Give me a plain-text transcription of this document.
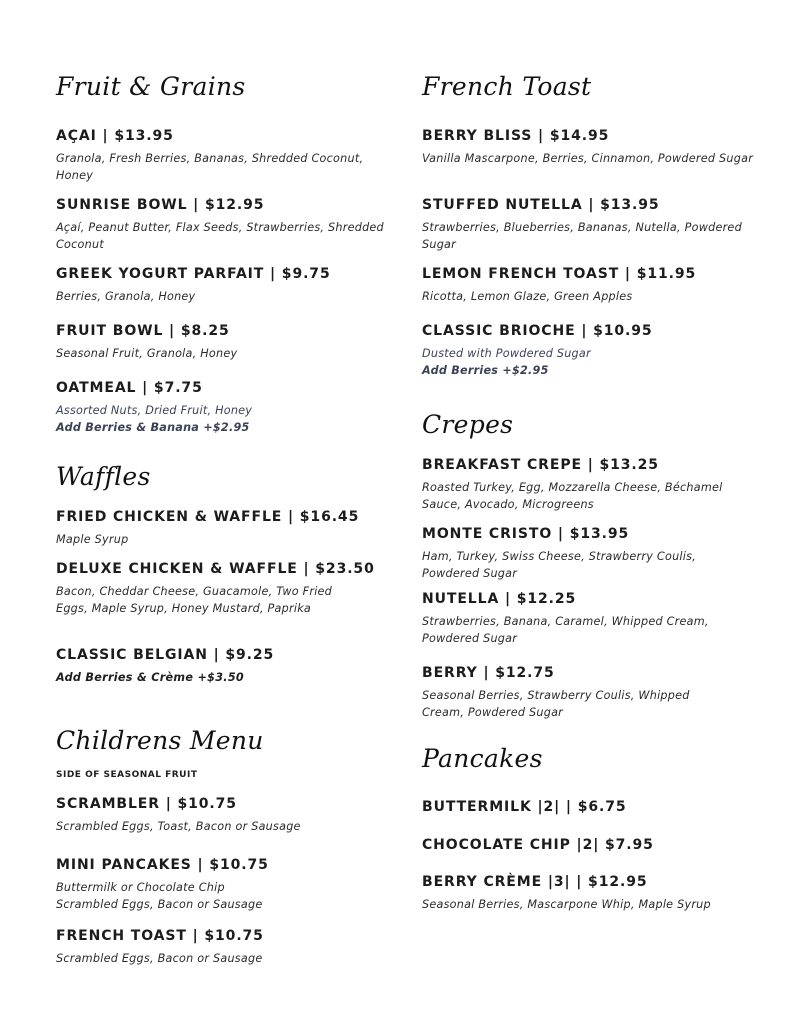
Fruit & Grains
AÇAI | $13.95
Granola, Fresh Berries, Bananas, Shredded Coconut, Honey
SUNRISE BOWL | $12.95
Açaí, Peanut Butter, Flax Seeds, Strawberries, Shredded Coconut
GREEK YOGURT PARFAIT | $9.75
Berries, Granola, Honey
FRUIT BOWL | $8.25
Seasonal Fruit, Granola, Honey
OATMEAL | $7.75
Assorted Nuts, Dried Fruit, Honey
Add Berries & Banana +$2.95
Waffles
FRIED CHICKEN & WAFFLE | $16.45
Maple Syrup
DELUXE CHICKEN & WAFFLE | $23.50
Bacon, Cheddar Cheese, Guacamole, Two Fried Eggs, Maple Syrup, Honey Mustard, Paprika
CLASSIC BELGIAN | $9.25
Add Berries & Crème +$3.50
Childrens Menu
SIDE OF SEASONAL FRUIT
SCRAMBLER | $10.75
Scrambled Eggs, Toast, Bacon or Sausage
MINI PANCAKES | $10.75
Buttermilk or Chocolate Chip
Scrambled Eggs, Bacon or Sausage
FRENCH TOAST | $10.75
Scrambled Eggs, Bacon or Sausage
French Toast
BERRY BLISS | $14.95
Vanilla Mascarpone, Berries, Cinnamon, Powdered Sugar
STUFFED NUTELLA | $13.95
Strawberries, Blueberries, Bananas, Nutella, Powdered Sugar
LEMON FRENCH TOAST | $11.95
Ricotta, Lemon Glaze, Green Apples
CLASSIC BRIOCHE | $10.95
Dusted with Powdered Sugar
Add Berries +$2.95
Crepes
BREAKFAST CREPE | $13.25
Roasted Turkey, Egg, Mozzarella Cheese, Béchamel Sauce, Avocado, Microgreens
MONTE CRISTO | $13.95
Ham, Turkey, Swiss Cheese, Strawberry Coulis, Powdered Sugar
NUTELLA | $12.25
Strawberries, Banana, Caramel, Whipped Cream, Powdered Sugar
BERRY | $12.75
Seasonal Berries, Strawberry Coulis, Whipped Cream, Powdered Sugar
Pancakes
BUTTERMILK |2| | $6.75
CHOCOLATE CHIP |2| $7.95
BERRY CRÈME |3| | $12.95
Seasonal Berries, Mascarpone Whip, Maple Syrup
